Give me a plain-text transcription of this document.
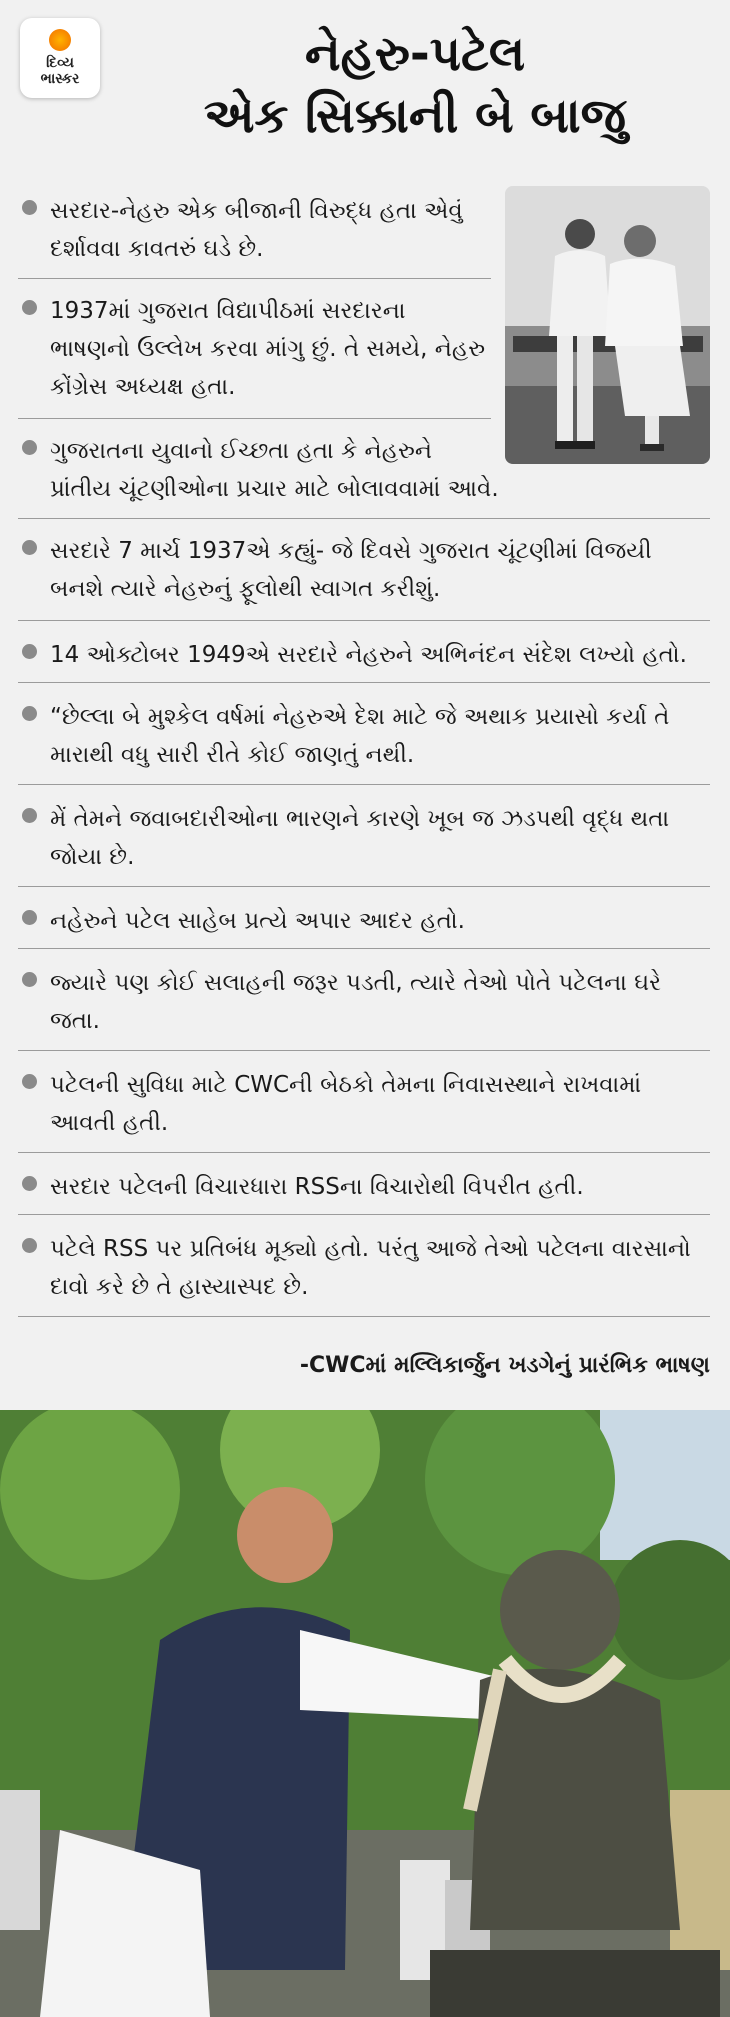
દિવ્ય
ભાસ્કર	નેહરુ-પટેલ
એક સિક્કાની બે બાજુ
સરદાર-નેહરુ એક બીજાની વિરુદ્ધ હતા એવું દર્શાવવા કાવતરું ઘડે છે.
1937માં ગુજરાત વિદ્યાપીઠમાં સરદારના ભાષણનો ઉલ્લેખ કરવા માંગુ છું. તે સમયે, નેહરુ કોંગ્રેસ અધ્યક્ષ હતા.
ગુજરાતના યુવાનો ઈચ્છતા હતા કે નેહરુને પ્રાંતીય ચૂંટણીઓના પ્રચાર માટે બોલાવવામાં આવે.
સરદારે 7 માર્ચ 1937એ કહ્યું- જે દિવસે ગુજરાત ચૂંટણીમાં વિજયી બનશે ત્યારે નેહરુનું ફૂલોથી સ્વાગત કરીશું.
14 ઓક્ટોબર 1949એ સરદારે નેહરુને અભિનંદન સંદેશ લખ્યો હતો.
“છેલ્લા બે મુશ્કેલ વર્ષમાં નેહરુએ દેશ માટે જે અથાક પ્રયાસો કર્યા તે મારાથી વધુ સારી રીતે કોઈ જાણતું નથી.
મેં તેમને જવાબદારીઓના ભારણને કારણે ખૂબ જ ઝડપથી વૃદ્ધ થતા જોયા છે.
નહેરુને પટેલ સાહેબ પ્રત્યે અપાર આદર હતો.
જ્યારે પણ કોઈ સલાહની જરૂર પડતી, ત્યારે તેઓ પોતે પટેલના ઘરે જતા.
પટેલની સુવિધા માટે CWCની બેઠકો તેમના નિવાસસ્થાને રાખવામાં આવતી હતી.
સરદાર પટેલની વિચારધારા RSSના વિચારોથી વિપરીત હતી.
પટેલે RSS પર પ્રતિબંધ મૂક્યો હતો. પરંતુ આજે તેઓ પટેલના વારસાનો દાવો કરે છે તે હાસ્યાસ્પદ છે.
-CWCમાં મલ્લિકાર્જુન ખડગેનું પ્રારંભિક ભાષણ
